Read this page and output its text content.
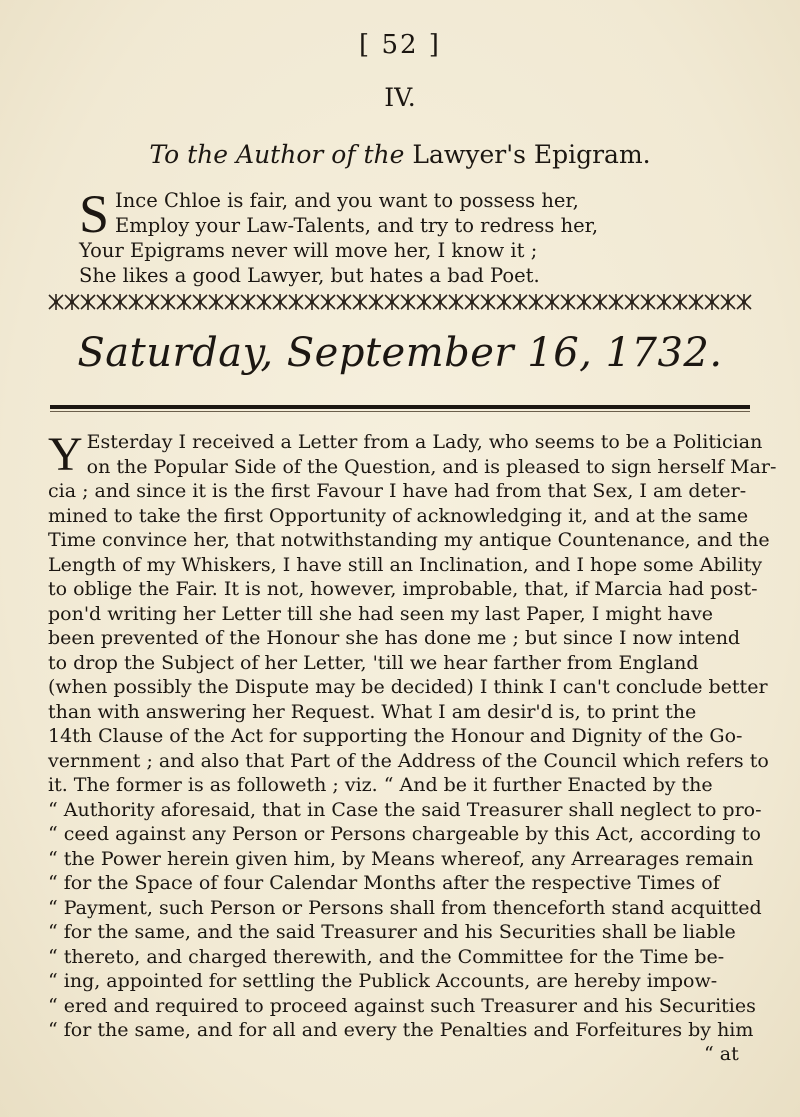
[ 52 ]
IV.
To the Author of the Lawyer's Epigram.
S Ince Chloe is fair, and you want to possess her,
Employ your Law-Talents, and try to redress her,
Your Epigrams never will move her, I know it ;
She likes a good Lawyer, but hates a bad Poet.
Saturday, September 16, 1732.
Y Esterday I received a Letter from a Lady, who seems to be a Politician
on the Popular Side of the Question, and is pleased to sign herself Mar-
cia ; and since it is the first Favour I have had from that Sex, I am deter-
mined to take the first Opportunity of acknowledging it, and at the same
Time convince her, that notwithstanding my antique Countenance, and the
Length of my Whiskers, I have still an Inclination, and I hope some Ability
to oblige the Fair. It is not, however, improbable, that, if Marcia had post-
pon'd writing her Letter till she had seen my last Paper, I might have
been prevented of the Honour she has done me ; but since I now intend
to drop the Subject of her Letter, 'till we hear farther from England
(when possibly the Dispute may be decided) I think I can't conclude better
than with answering her Request. What I am desir'd is, to print the
14th Clause of the Act for supporting the Honour and Dignity of the Go-
vernment ; and also that Part of the Address of the Council which refers to
it. The former is as followeth ; viz. “ And be it further Enacted by the
“ Authority aforesaid, that in Case the said Treasurer shall neglect to pro-
“ ceed against any Person or Persons chargeable by this Act, according to
“ the Power herein given him, by Means whereof, any Arrearages remain
“ for the Space of four Calendar Months after the respective Times of
“ Payment, such Person or Persons shall from thenceforth stand acquitted
“ for the same, and the said Treasurer and his Securities shall be liable
“ thereto, and charged therewith, and the Committee for the Time be-
“ ing, appointed for settling the Publick Accounts, are hereby impow-
“ ered and required to proceed against such Treasurer and his Securities
“ for the same, and for all and every the Penalties and Forfeitures by him
“ at
